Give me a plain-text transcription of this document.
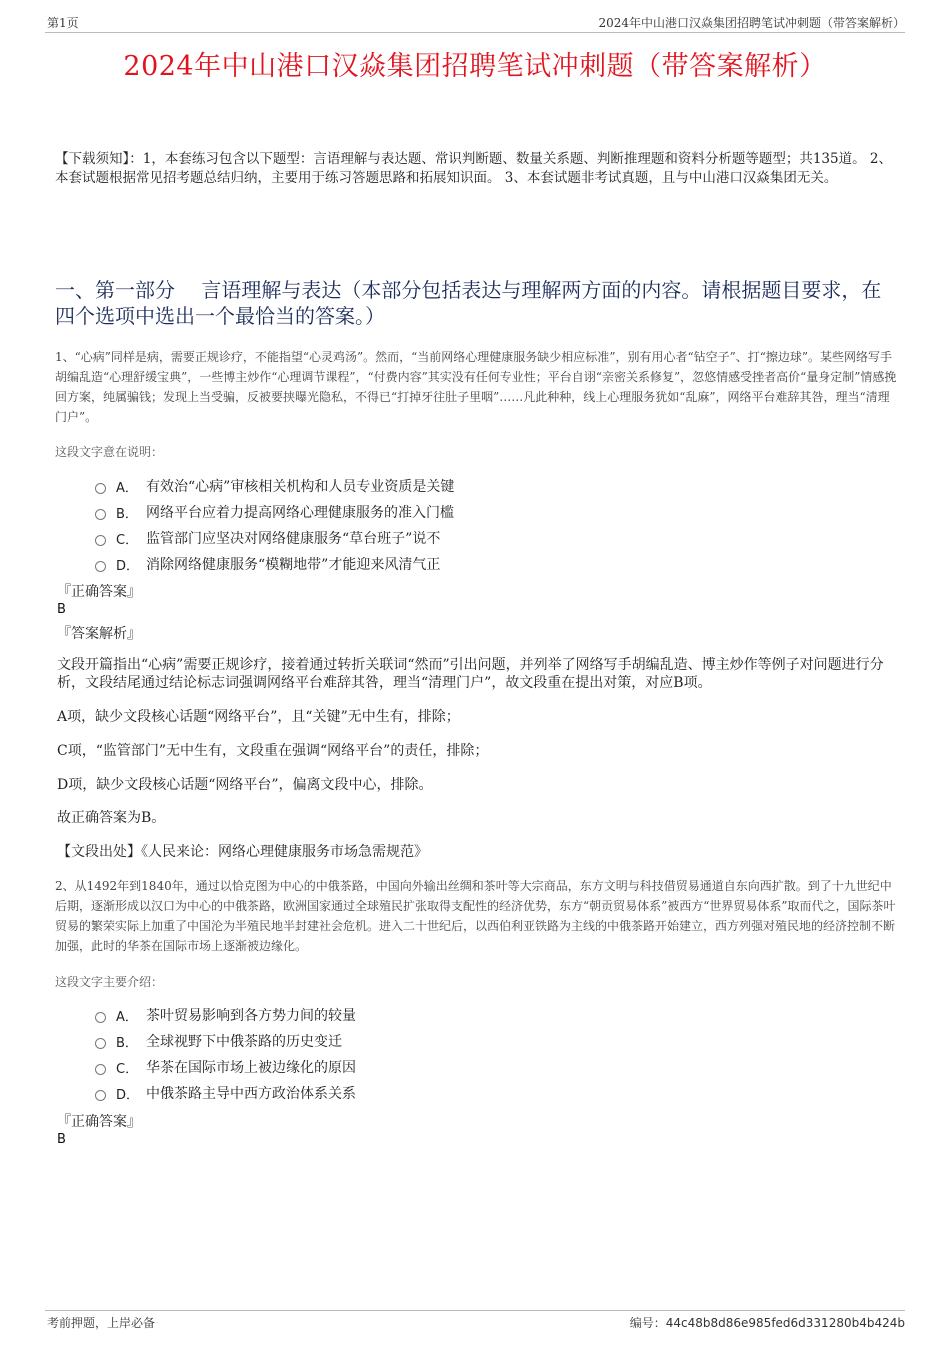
第1页	2024年中山港口汉焱集团招聘笔试冲刺题（带答案解析）
2024年中山港口汉焱集团招聘笔试冲刺题（带答案解析）
【下载须知】：1，本套练习包含以下题型：言语理解与表达题、常识判断题、数量关系题、判断推理题和资料分析题等题型；共135道。 2、本套试题根据常见招考题总结归纳，主要用于练习答题思路和拓展知识面。 3、本套试题非考试真题，且与中山港口汉焱集团无关。
一、第一部分　 言语理解与表达（本部分包括表达与理解两方面的内容。请根据题目要求，在四个选项中选出一个最恰当的答案。）
1、“心病”同样是病，需要正规诊疗，不能指望“心灵鸡汤”。然而，“当前网络心理健康服务缺少相应标准”，别有用心者“钻空子”、打“擦边球”。某些网络写手胡编乱造“心理舒缓宝典”，一些博主炒作“心理调节课程”，“付费内容”其实没有任何专业性；平台自诩“亲密关系修复”，忽悠情感受挫者高价“量身定制”情感挽回方案，纯属骗钱；发现上当受骗，反被要挟曝光隐私，不得已“打掉牙往肚子里咽”……凡此种种，线上心理服务犹如“乱麻”，网络平台难辞其咎，理当“清理门户”。
这段文字意在说明：
A． 有效治“心病”审核相关机构和人员专业资质是关键
B． 网络平台应着力提高网络心理健康服务的准入门槛
C． 监管部门应坚决对网络健康服务“草台班子”说不
D． 消除网络健康服务“模糊地带”才能迎来风清气正
『正确答案』
B
『答案解析』
文段开篇指出“心病”需要正规诊疗，接着通过转折关联词“然而”引出问题，并列举了网络写手胡编乱造、博主炒作等例子对问题进行分析，文段结尾通过结论标志词强调网络平台难辞其咎，理当“清理门户”，故文段重在提出对策，对应B项。
A项，缺少文段核心话题“网络平台”，且“关键”无中生有，排除；
C项，“监管部门”无中生有，文段重在强调“网络平台”的责任，排除；
D项，缺少文段核心话题“网络平台”，偏离文段中心，排除。
故正确答案为B。
【文段出处】《人民来论：网络心理健康服务市场急需规范》
2、从1492年到1840年，通过以恰克图为中心的中俄茶路，中国向外输出丝绸和茶叶等大宗商品，东方文明与科技借贸易通道自东向西扩散。到了十九世纪中后期，逐渐形成以汉口为中心的中俄茶路，欧洲国家通过全球殖民扩张取得支配性的经济优势，东方“朝贡贸易体系”被西方“世界贸易体系”取而代之，国际茶叶贸易的繁荣实际上加重了中国沦为半殖民地半封建社会危机。进入二十世纪后，以西伯利亚铁路为主线的中俄茶路开始建立，西方列强对殖民地的经济控制不断加强，此时的华茶在国际市场上逐渐被边缘化。
这段文字主要介绍：
A． 茶叶贸易影响到各方势力间的较量
B． 全球视野下中俄茶路的历史变迁
C． 华茶在国际市场上被边缘化的原因
D． 中俄茶路主导中西方政治体系关系
『正确答案』
B
考前押题，上岸必备	编号：44c48b8d86e985fed6d331280b4b424b
